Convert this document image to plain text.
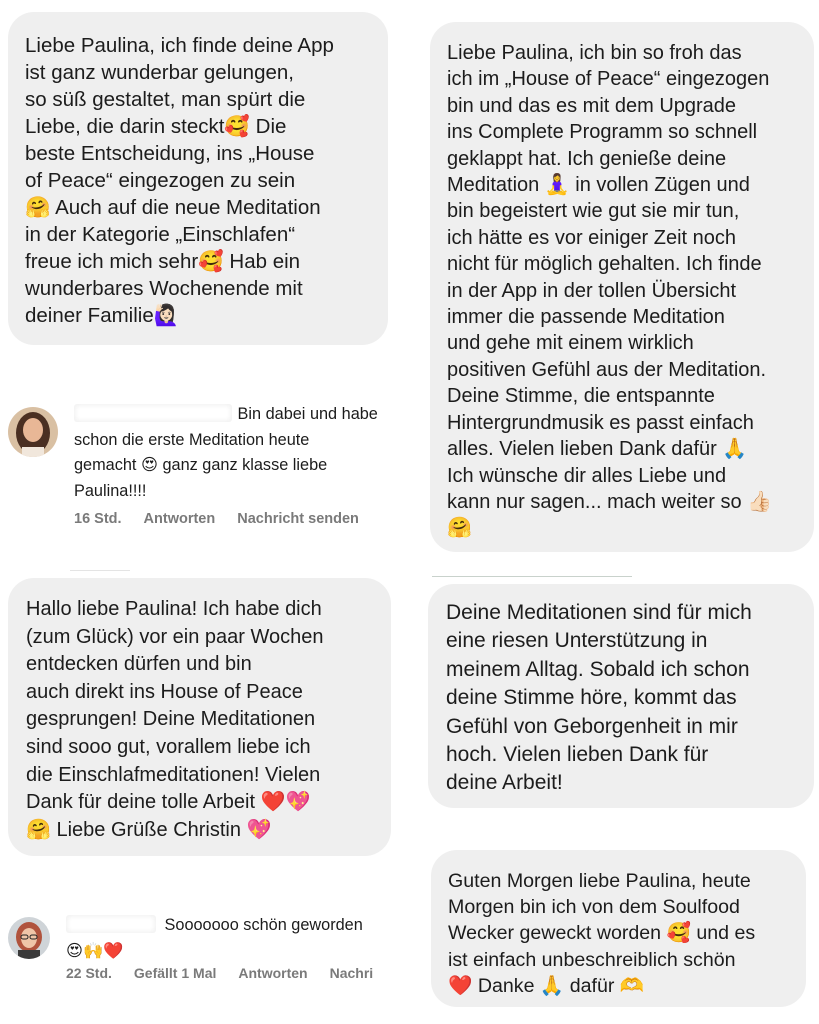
Liebe Paulina, ich finde deine App
ist ganz wunderbar gelungen,
so süß gestaltet, man spürt die
Liebe, die darin steckt🥰 Die
beste Entscheidung, ins „House
of Peace“ eingezogen zu sein
🤗 Auch auf die neue Meditation
in der Kategorie „Einschlafen“
freue ich mich sehr🥰 Hab ein
wunderbares Wochenende mit
deiner Familie🙋🏻‍♀️

Liebe Paulina, ich bin so froh das
ich im „House of Peace“ eingezogen
bin und das es mit dem Upgrade
ins Complete Programm so schnell
geklappt hat. Ich genieße deine
Meditation 🧘‍♀️ in vollen Zügen und
bin begeistert wie gut sie mir tun,
ich hätte es vor einiger Zeit noch
nicht für möglich gehalten. Ich finde
in der App in der tollen Übersicht
immer die passende Meditation
und gehe mit einem wirklich
positiven Gefühl aus der Meditation.
Deine Stimme, die entspannte
Hintergrundmusik es passt einfach
alles. Vielen lieben Dank dafür 🙏
Ich wünsche dir alles Liebe und
kann nur sagen... mach weiter so 👍🏻
🤗

Hallo liebe Paulina! Ich habe dich
(zum Glück) vor ein paar Wochen
entdecken dürfen und bin
auch direkt ins House of Peace
gesprungen! Deine Meditationen
sind sooo gut, vorallem liebe ich
die Einschlafmeditationen! Vielen
Dank für deine tolle Arbeit ❤️💖
🤗 Liebe Grüße Christin 💖

Deine Meditationen sind für mich
eine riesen Unterstützung in
meinem Alltag. Sobald ich schon
deine Stimme höre, kommt das
Gefühl von Geborgenheit in mir
hoch. Vielen lieben Dank für
deine Arbeit!

Guten Morgen liebe Paulina, heute
Morgen bin ich von dem Soulfood
Wecker geweckt worden 🥰 und es
ist einfach unbeschreiblich schön
❤️ Danke 🙏 dafür 🫶

Bin dabei und habe
schon die erste Meditation heute
gemacht 😍 ganz ganz klasse liebe
Paulina!!!!
16 Std. Antworten Nachricht senden
Sooooooo schön geworden
😍🙌❤️
22 Std. Gefällt 1 Mal Antworten Nachri
